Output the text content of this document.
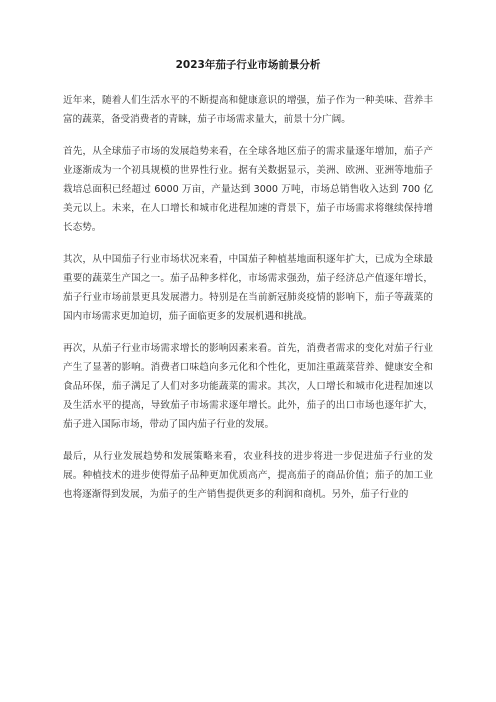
2023年茄子行业市场前景分析

近年来，随着人们生活水平的不断提高和健康意识的增强，茄子作为一种美味、营养丰富的蔬菜，备受消费者的青睐，茄子市场需求量大，前景十分广阔。

首先，从全球茄子市场的发展趋势来看，在全球各地区茄子的需求量逐年增加，茄子产业逐渐成为一个初具规模的世界性行业。据有关数据显示，美洲、欧洲、亚洲等地茄子栽培总面积已经超过 6000 万亩，产量达到 3000 万吨，市场总销售收入达到 700 亿美元以上。未来，在人口增长和城市化进程加速的背景下，茄子市场需求将继续保持增长态势。

其次，从中国茄子行业市场状况来看，中国茄子种植基地面积逐年扩大，已成为全球最重要的蔬菜生产国之一。茄子品种多样化，市场需求强劲，茄子经济总产值逐年增长，茄子行业市场前景更具发展潜力。特别是在当前新冠肺炎疫情的影响下，茄子等蔬菜的国内市场需求更加迫切，茄子面临更多的发展机遇和挑战。

再次，从茄子行业市场需求增长的影响因素来看。首先，消费者需求的变化对茄子行业产生了显著的影响。消费者口味趋向多元化和个性化，更加注重蔬菜营养、健康安全和食品环保，茄子满足了人们对多功能蔬菜的需求。其次，人口增长和城市化进程加速以及生活水平的提高，导致茄子市场需求逐年增长。此外，茄子的出口市场也逐年扩大，茄子进入国际市场，带动了国内茄子行业的发展。

最后，从行业发展趋势和发展策略来看，农业科技的进步将进一步促进茄子行业的发展。种植技术的进步使得茄子品种更加优质高产，提高茄子的商品价值；茄子的加工业也将逐渐得到发展，为茄子的生产销售提供更多的利润和商机。另外，茄子行业的
